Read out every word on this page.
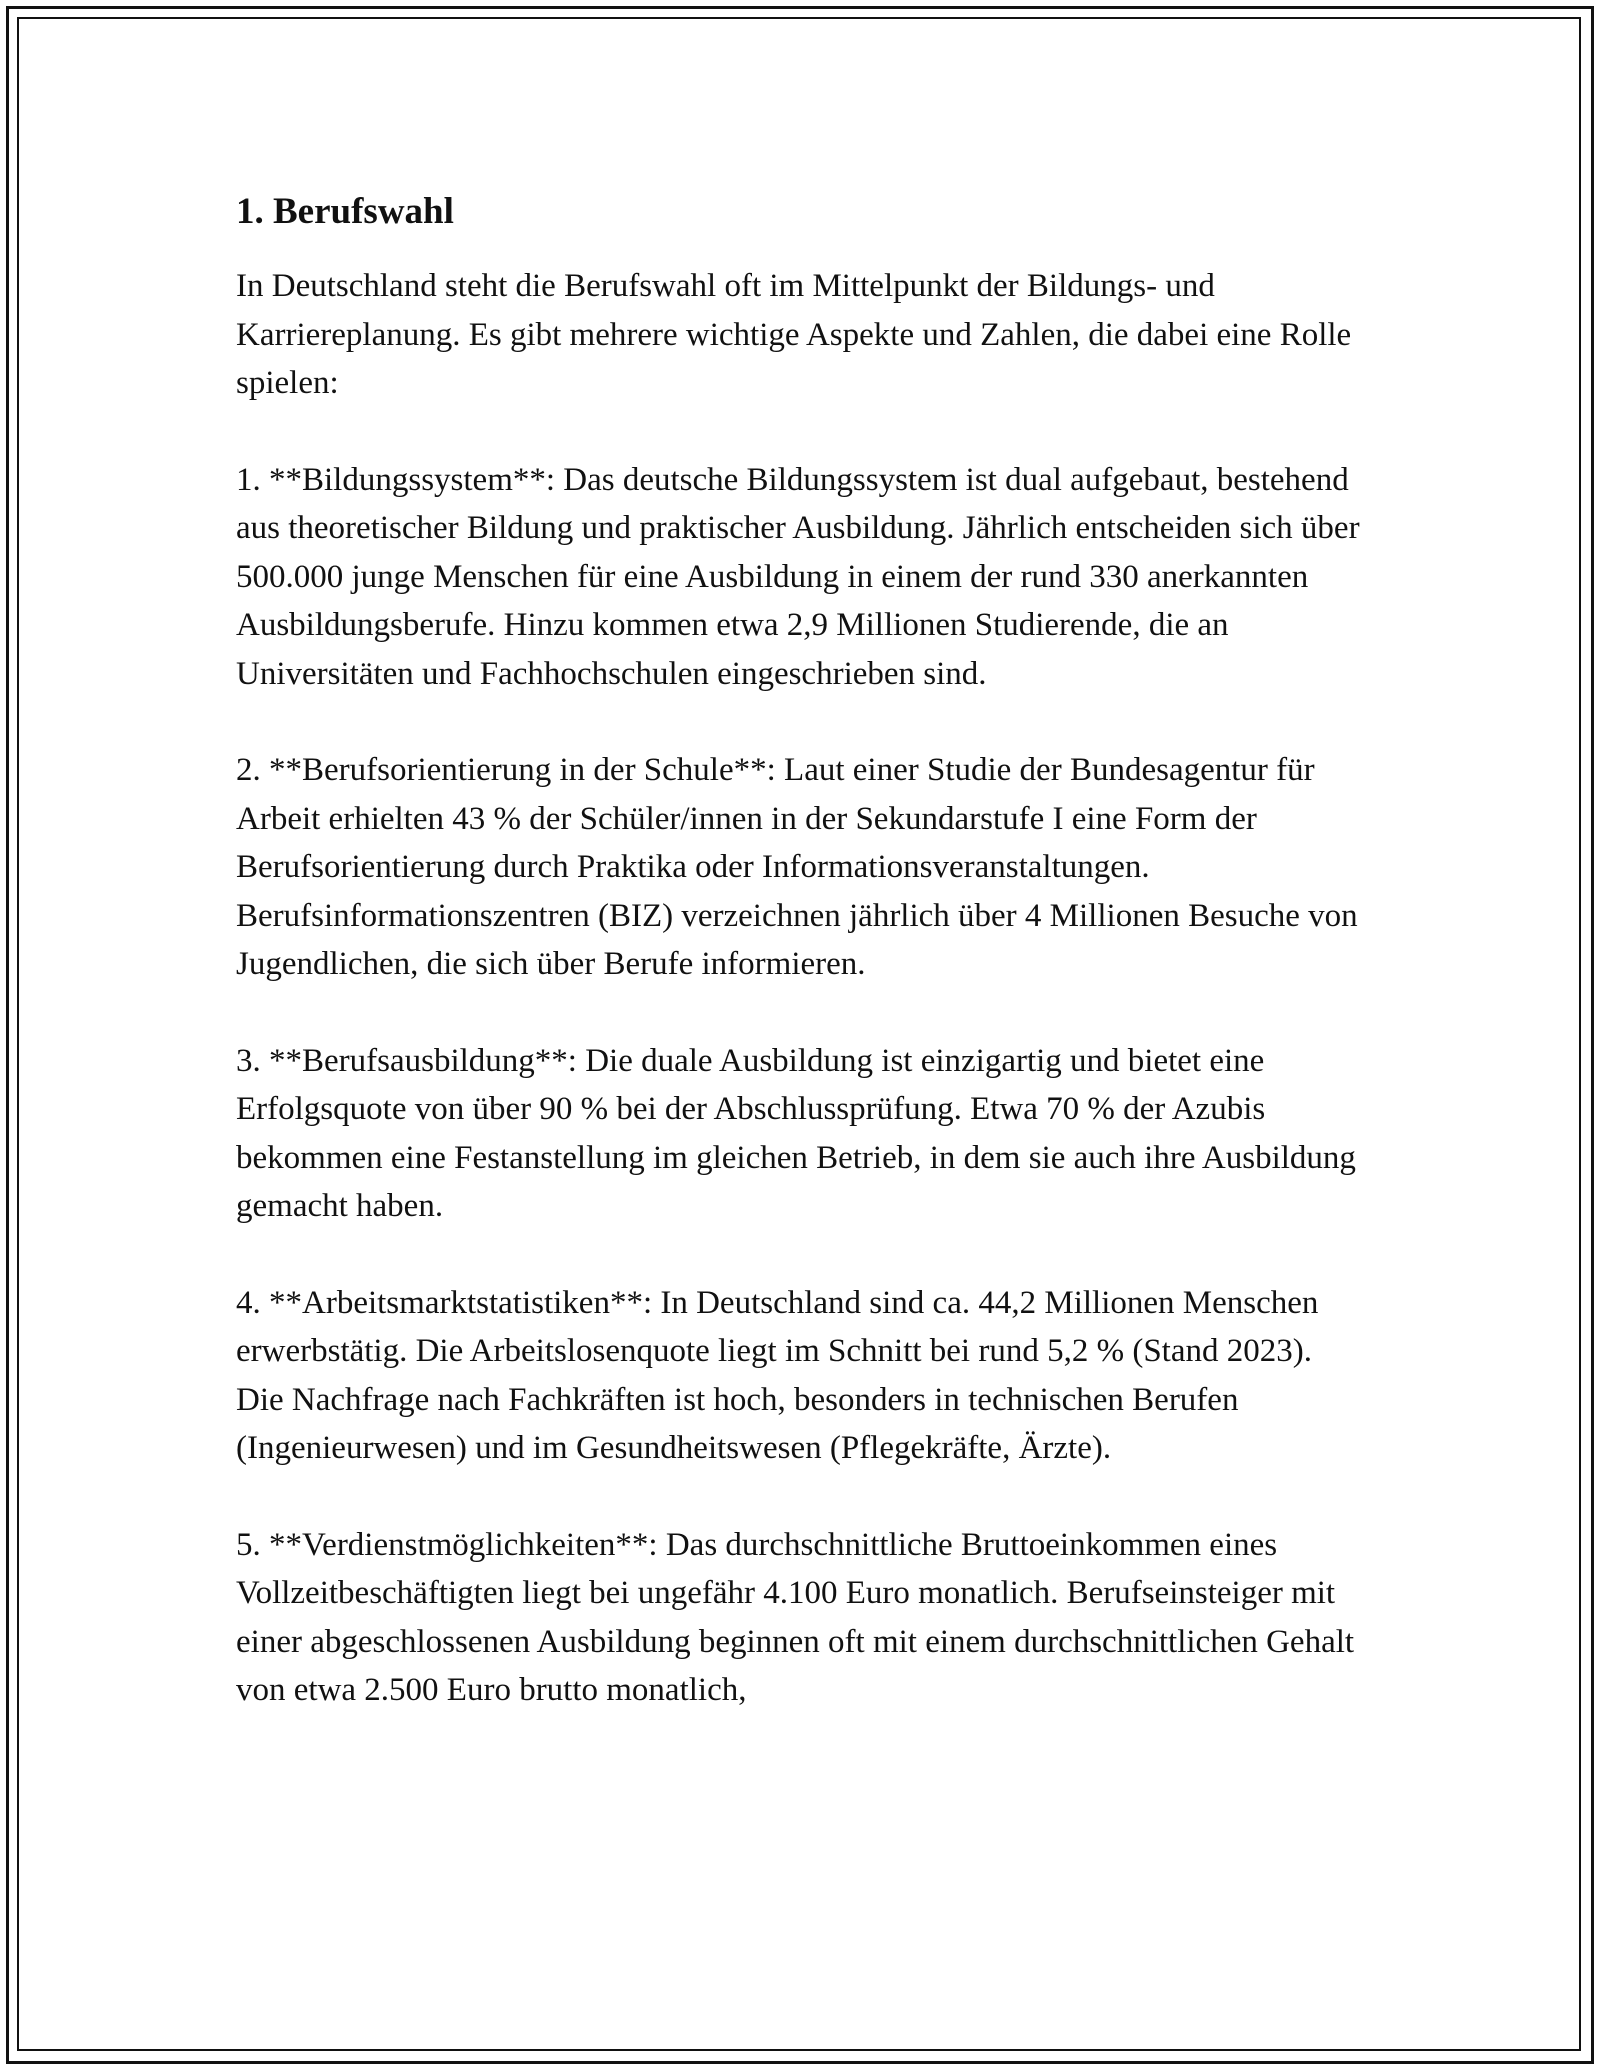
1. Berufswahl

In Deutschland steht die Berufswahl oft im Mittelpunkt der Bildungs- und Karriereplanung. Es gibt mehrere wichtige Aspekte und Zahlen, die dabei eine Rolle spielen:

1. **Bildungssystem**: Das deutsche Bildungssystem ist dual aufgebaut, bestehend aus theoretischer Bildung und praktischer Ausbildung. Jährlich entscheiden sich über 500.000 junge Menschen für eine Ausbildung in einem der rund 330 anerkannten Ausbildungsberufe. Hinzu kommen etwa 2,9 Millionen Studierende, die an Universitäten und Fachhochschulen eingeschrieben sind.

2. **Berufsorientierung in der Schule**: Laut einer Studie der Bundesagentur für Arbeit erhielten 43 % der Schüler/innen in der Sekundarstufe I eine Form der Berufsorientierung durch Praktika oder Informationsveranstaltungen. Berufsinformationszentren (BIZ) verzeichnen jährlich über 4 Millionen Besuche von Jugendlichen, die sich über Berufe informieren.

3. **Berufsausbildung**: Die duale Ausbildung ist einzigartig und bietet eine Erfolgsquote von über 90 % bei der Abschlussprüfung. Etwa 70 % der Azubis bekommen eine Festanstellung im gleichen Betrieb, in dem sie auch ihre Ausbildung gemacht haben.

4. **Arbeitsmarktstatistiken**: In Deutschland sind ca. 44,2 Millionen Menschen erwerbstätig. Die Arbeitslosenquote liegt im Schnitt bei rund 5,2 % (Stand 2023). Die Nachfrage nach Fachkräften ist hoch, besonders in technischen Berufen (Ingenieurwesen) und im Gesundheitswesen (Pflegekräfte, Ärzte).

5. **Verdienstmöglichkeiten**: Das durchschnittliche Bruttoeinkommen eines Vollzeitbeschäftigten liegt bei ungefähr 4.100 Euro monatlich. Berufseinsteiger mit einer abgeschlossenen Ausbildung beginnen oft mit einem durchschnittlichen Gehalt von etwa 2.500 Euro brutto monatlich,
